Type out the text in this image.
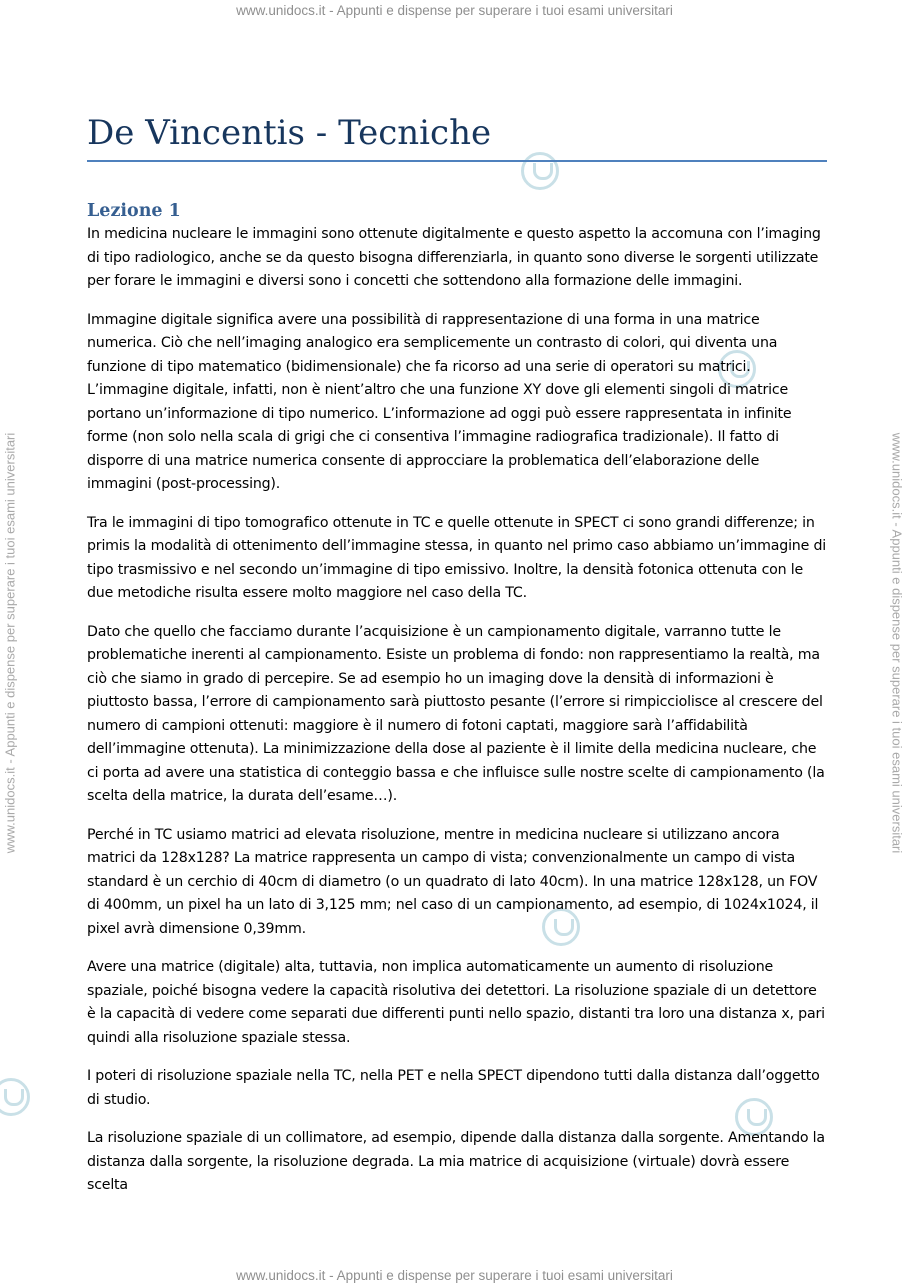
www.unidocs.it - Appunti e dispense per superare i tuoi esami universitari
www.unidocs.it - Appunti e dispense per superare i tuoi esami universitari	www.unidocs.it - Appunti e dispense per superare i tuoi esami universitari
De Vincentis - Tecniche
Lezione 1

In medicina nucleare le immagini sono ottenute digitalmente e questo aspetto la accomuna con l’imaging di tipo radiologico, anche se da questo bisogna differenziarla, in quanto sono diverse le sorgenti utilizzate per forare le immagini e diversi sono i concetti che sottendono alla formazione delle immagini.

Immagine digitale significa avere una possibilità di rappresentazione di una forma in una matrice numerica. Ciò che nell’imaging analogico era semplicemente un contrasto di colori, qui diventa una funzione di tipo matematico (bidimensionale) che fa ricorso ad una serie di operatori su matrici. L’immagine digitale, infatti, non è nient’altro che una funzione XY dove gli elementi singoli di matrice portano un’informazione di tipo numerico. L’informazione ad oggi può essere rappresentata in infinite forme (non solo nella scala di grigi che ci consentiva l’immagine radiografica tradizionale). Il fatto di disporre di una matrice numerica consente di approcciare la problematica dell’elaborazione delle immagini (post-processing).

Tra le immagini di tipo tomografico ottenute in TC e quelle ottenute in SPECT ci sono grandi differenze; in primis la modalità di ottenimento dell’immagine stessa, in quanto nel primo caso abbiamo un’immagine di tipo trasmissivo e nel secondo un’immagine di tipo emissivo. Inoltre, la densità fotonica ottenuta con le due metodiche risulta essere molto maggiore nel caso della TC.

Dato che quello che facciamo durante l’acquisizione è un campionamento digitale, varranno tutte le problematiche inerenti al campionamento. Esiste un problema di fondo: non rappresentiamo la realtà, ma ciò che siamo in grado di percepire. Se ad esempio ho un imaging dove la densità di informazioni è piuttosto bassa, l’errore di campionamento sarà piuttosto pesante (l’errore si rimpicciolisce al crescere del numero di campioni ottenuti: maggiore è il numero di fotoni captati, maggiore sarà l’affidabilità dell’immagine ottenuta). La minimizzazione della dose al paziente è il limite della medicina nucleare, che ci porta ad avere una statistica di conteggio bassa e che influisce sulle nostre scelte di campionamento (la scelta della matrice, la durata dell’esame…).

Perché in TC usiamo matrici ad elevata risoluzione, mentre in medicina nucleare si utilizzano ancora matrici da 128x128? La matrice rappresenta un campo di vista; convenzionalmente un campo di vista standard è un cerchio di 40cm di diametro (o un quadrato di lato 40cm). In una matrice 128x128, un FOV di 400mm, un pixel ha un lato di 3,125 mm; nel caso di un campionamento, ad esempio, di 1024x1024, il pixel avrà dimensione 0,39mm.

Avere una matrice (digitale) alta, tuttavia, non implica automaticamente un aumento di risoluzione spaziale, poiché bisogna vedere la capacità risolutiva dei detettori. La risoluzione spaziale di un detettore è la capacità di vedere come separati due differenti punti nello spazio, distanti tra loro una distanza x, pari quindi alla risoluzione spaziale stessa.

I poteri di risoluzione spaziale nella TC, nella PET e nella SPECT dipendono tutti dalla distanza dall’oggetto di studio.

La risoluzione spaziale di un collimatore, ad esempio, dipende dalla distanza dalla sorgente. Amentando la distanza dalla sorgente, la risoluzione degrada. La mia matrice di acquisizione (virtuale) dovrà essere scelta

www.unidocs.it - Appunti e dispense per superare i tuoi esami universitari
